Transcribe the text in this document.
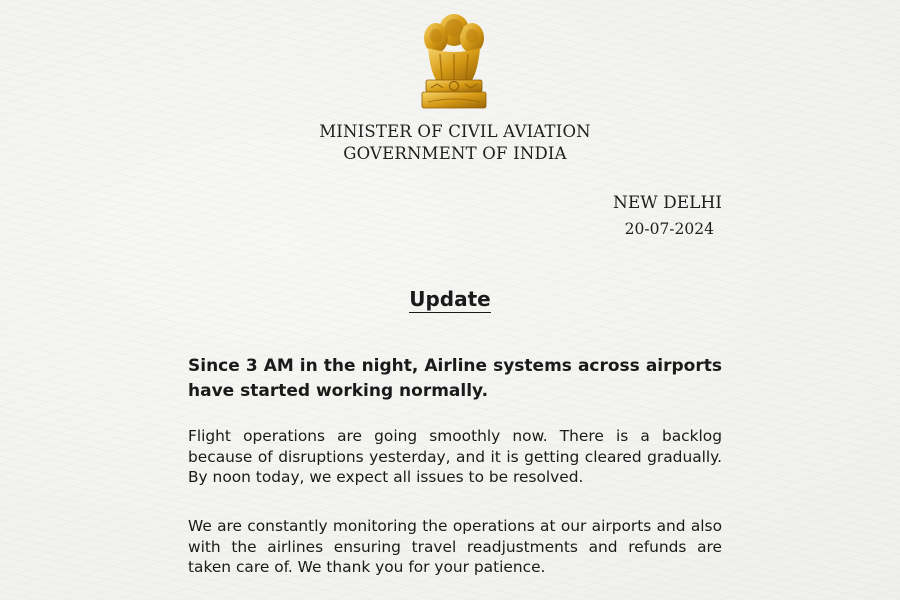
MINISTER OF CIVIL AVIATION
GOVERNMENT OF INDIA
NEW DELHI
20-07-2024
Update
Since 3 AM in the night, Airline systems across airports have started working normally.
Flight operations are going smoothly now. There is a backlog because of disruptions yesterday, and it is getting cleared gradually. By noon today, we expect all issues to be resolved.
We are constantly monitoring the operations at our airports and also with the airlines ensuring travel readjustments and refunds are taken care of. We thank you for your patience.
